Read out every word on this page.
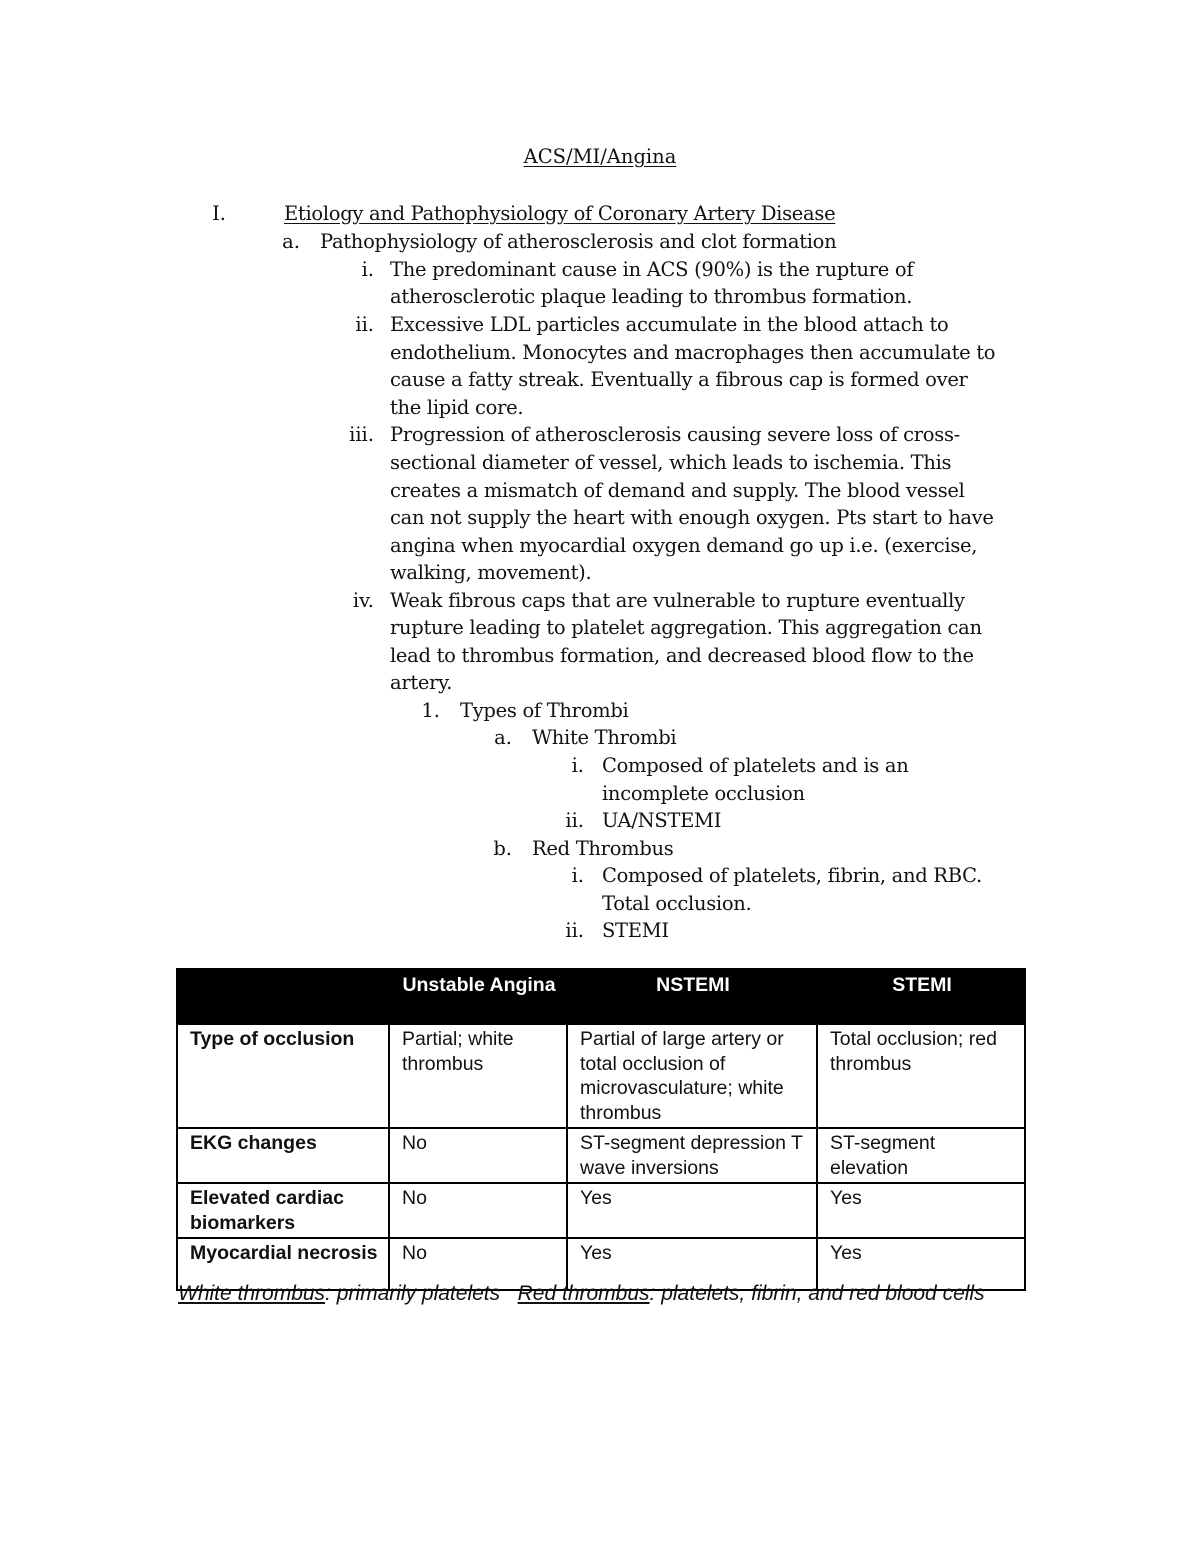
ACS/MI/Angina
I.	Etiology and Pathophysiology of Coronary Artery Disease
a. Pathophysiology of atherosclerosis and clot formation
i. The predominant cause in ACS (90%) is the rupture of
atherosclerotic plaque leading to thrombus formation.
ii. Excessive LDL particles accumulate in the blood attach to
endothelium. Monocytes and macrophages then accumulate to
cause a fatty streak. Eventually a fibrous cap is formed over
the lipid core.
iii. Progression of atherosclerosis causing severe loss of cross-
sectional diameter of vessel, which leads to ischemia. This
creates a mismatch of demand and supply. The blood vessel
can not supply the heart with enough oxygen. Pts start to have
angina when myocardial oxygen demand go up i.e. (exercise,
walking, movement).
iv. Weak fibrous caps that are vulnerable to rupture eventually
rupture leading to platelet aggregation. This aggregation can
lead to thrombus formation, and decreased blood flow to the
artery.
1. Types of Thrombi
a. White Thrombi
i. Composed of platelets and is an
incomplete occlusion
ii. UA/NSTEMI
b. Red Thrombus
i. Composed of platelets, fibrin, and RBC.
Total occlusion.
ii. STEMI
	Unstable Angina	NSTEMI	STEMI
Type of occlusion	Partial; white thrombus	Partial of large artery or total occlusion of microvasculature; white thrombus	Total occlusion; red thrombus
EKG changes	No	ST-segment depression T wave inversions	ST-segment elevation
Elevated cardiac biomarkers	No	Yes	Yes
Myocardial necrosis	No	Yes	Yes
White thrombus: primarily platelets Red thrombus: platelets, fibrin, and red blood cells
